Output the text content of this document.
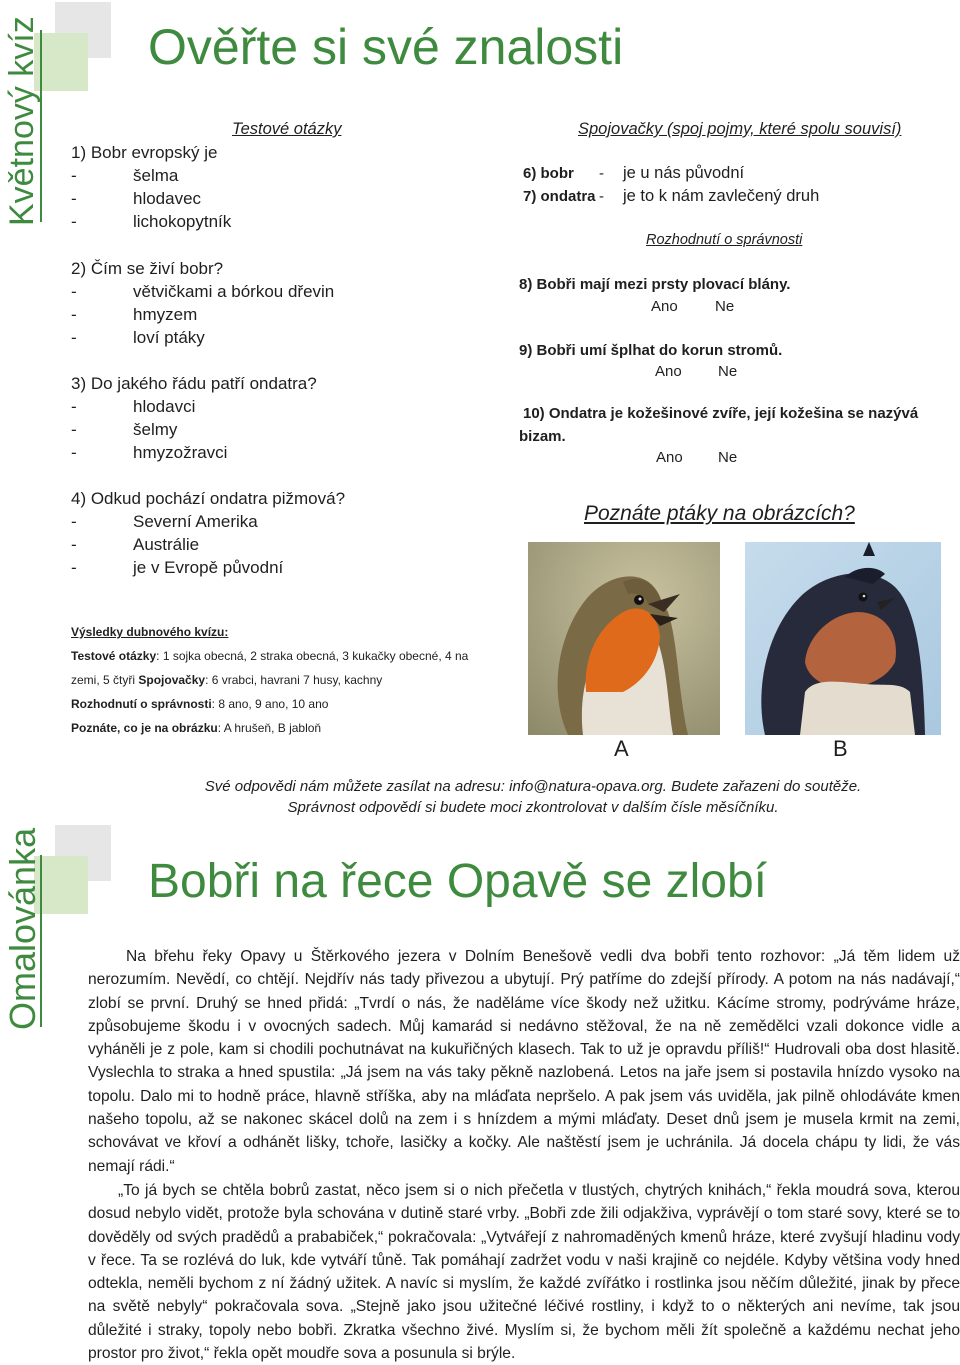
Květnový kvíz Ověřte si své znalosti
Testové otázky
1) Bobr evropský je
-	šelma
-	hlodavec
-	lichokopytník
2) Čím se živí bobr?
-	větvičkami a bórkou dřevin
-	hmyzem
-	loví ptáky
3) Do jakého řádu patří ondatra?
-	hlodavci
-	šelmy
-	hmyzožravci
4) Odkud pochází ondatra pižmová?
-	Severní Amerika
-	Austrálie
-	je v Evropě původní
Spojovačky (spoj pojmy, které spolu souvisí)
6) bobr - je u nás původní
7) ondatra - je to k nám zavlečený druh
Rozhodnutí o správnosti
8) Bobři mají mezi prsty plovací blány.
Ano Ne
9) Bobři umí šplhat do korun stromů.
Ano Ne
10) Ondatra je kožešinové zvíře, její kožešina se nazývá
bizam.
Ano Ne
Poznáte ptáky na obrázcích?
A	B
Výsledky dubnového kvízu:
Testové otázky: 1 sojka obecná, 2 straka obecná, 3 kukačky obecné, 4 na
zemi, 5 čtyři Spojovačky: 6 vrabci, havrani 7 husy, kachny
Rozhodnutí o správnosti: 8 ano, 9 ano, 10 ano
Poznáte, co je na obrázku: A hrušeň, B jabloň
Své odpovědi nám můžete zasílat na adresu: info@natura-opava.org. Budete zařazeni do soutěže.
Správnost odpovědí si budete moci zkontrolovat v dalším čísle měsíčníku.
Omalovánka Bobři na řece Opavě se zlobí

Na břehu řeky Opavy u Štěrkového jezera v Dolním Benešově vedli dva bobři tento rozhovor: „Já těm lidem už nerozumím. Nevědí, co chtějí. Nejdřív nás tady přivezou a ubytují. Prý patříme do zdejší přírody. A potom na nás nadávají,“ zlobí se první. Druhý se hned přidá: „Tvrdí o nás, že naděláme více škody než užitku. Kácíme stromy, podrýváme hráze, způsobujeme škodu i v ovocných sadech. Můj kamarád si nedávno stěžoval, že na ně zemědělci vzali dokonce vidle a vyháněli je z pole, kam si chodili pochutnávat na kukuřičných klasech. Tak to už je opravdu příliš!“ Hudrovali oba dost hlasitě. Vyslechla to straka a hned spustila: „Já jsem na vás taky pěkně nazlobená. Letos na jaře jsem si postavila hnízdo vysoko na topolu. Dalo mi to hodně práce, hlavně stříška, aby na mláďata nepršelo. A pak jsem vás uviděla, jak pilně ohlodáváte kmen našeho topolu, až se nakonec skácel dolů na zem i s hnízdem a mými mláďaty. Deset dnů jsem je musela krmit na zemi, schovávat ve křoví a odhánět lišky, tchoře, lasičky a kočky. Ale naštěstí jsem je uchránila. Já docela chápu ty lidi, že vás nemají rádi.“

„To já bych se chtěla bobrů zastat, něco jsem si o nich přečetla v tlustých, chytrých knihách,“ řekla moudrá sova, kterou dosud nebylo vidět, protože byla schována v dutině staré vrby. „Bobři zde žili odjakživa, vyprávějí o tom staré sovy, které se to dověděly od svých pradědů a prababiček,“ pokračovala: „Vytvářejí z nahromaděných kmenů hráze, které zvyšují hladinu vody v řece. Ta se rozlévá do luk, kde vytváří tůně. Tak pomáhají zadržet vodu v naši krajině co nejdéle. Kdyby většina vody hned odtekla, neměli bychom z ní žádný užitek. A navíc si myslím, že každé zvířátko i rostlinka jsou něčím důležité, jinak by přece na světě nebyly“ pokračovala sova. „Stejně jako jsou užitečné léčivé rostliny, i když to o některých ani nevíme, tak jsou důležité i straky, topoly nebo bobři. Zkratka všechno živé. Myslím si, že bychom měli žít společně a každému nechat jeho prostor pro život,“ řekla opět moudře sova a posunula si brýle.
